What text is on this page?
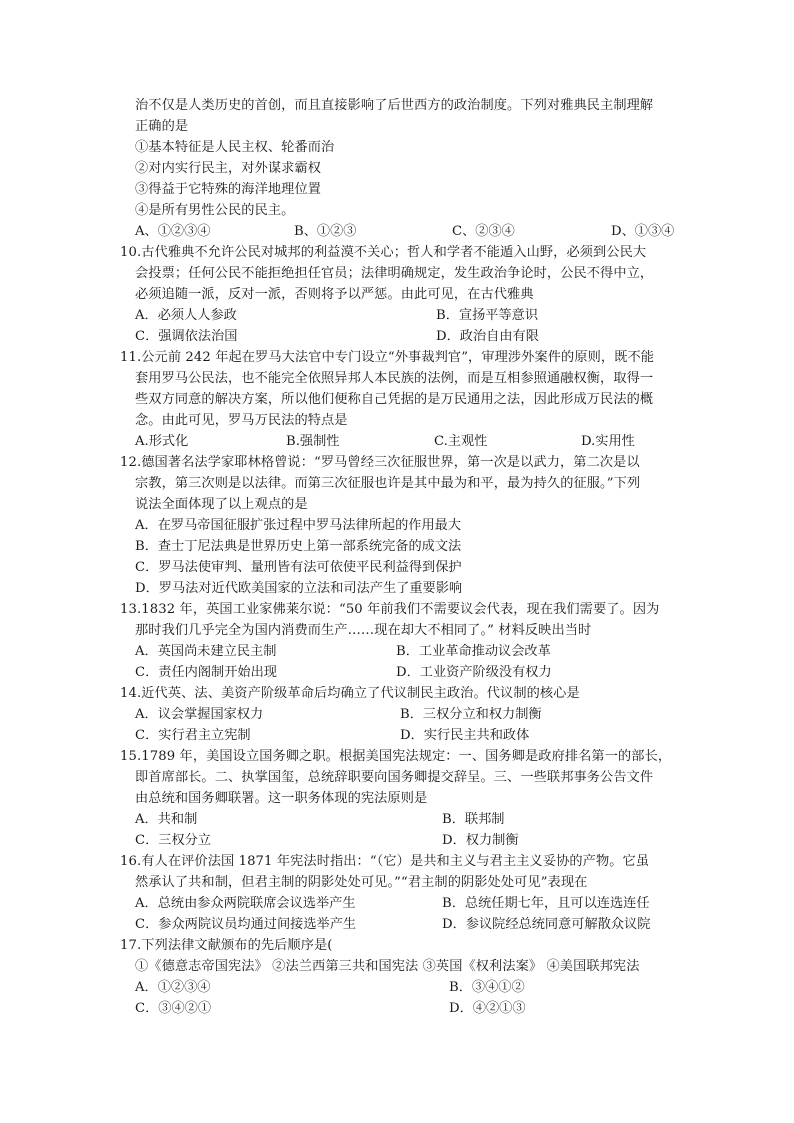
治不仅是人类历史的首创，而且直接影响了后世西方的政治制度。下列对雅典民主制理解
正确的是
①基本特征是人民主权、轮番而治
②对内实行民主，对外谋求霸权
③得益于它特殊的海洋地理位置
④是所有男性公民的民主。
A、①②③④	B、①②③	C、②③④	D、①③④
10.古代雅典不允许公民对城邦的利益漠不关心；哲人和学者不能遁入山野，必须到公民大
会投票；任何公民不能拒绝担任官员；法律明确规定，发生政治争论时，公民不得中立，
必须追随一派，反对一派，否则将予以严惩。由此可见，在古代雅典
A．必须人人参政	B．宣扬平等意识
C．强调依法治国	D．政治自由有限
11.公元前 242 年起在罗马大法官中专门设立“外事裁判官”，审理涉外案件的原则，既不能
套用罗马公民法，也不能完全依照异邦人本民族的法例，而是互相参照通融权衡，取得一
些双方同意的解决方案，所以他们便称自己凭据的是万民通用之法，因此形成万民法的概
念。由此可见，罗马万民法的特点是
A.形式化	B.强制性	C.主观性	D.实用性
12.德国著名法学家耶林格曾说：“罗马曾经三次征服世界，第一次是以武力，第二次是以
宗教，第三次则是以法律。而第三次征服也许是其中最为和平，最为持久的征服。”下列
说法全面体现了以上观点的是
A．在罗马帝国征服扩张过程中罗马法律所起的作用最大
B．查士丁尼法典是世界历史上第一部系统完备的成文法
C．罗马法使审判、量刑皆有法可依使平民利益得到保护
D．罗马法对近代欧美国家的立法和司法产生了重要影响
13.1832 年，英国工业家佛莱尔说：“50 年前我们不需要议会代表，现在我们需要了。因为
那时我们几乎完全为国内消费而生产……现在却大不相同了。” 材料反映出当时
A．英国尚未建立民主制	B．工业革命推动议会改革
C．责任内阁制开始出现	D．工业资产阶级没有权力
14.近代英、法、美资产阶级革命后均确立了代议制民主政治。代议制的核心是
A．议会掌握国家权力	B．三权分立和权力制衡
C．实行君主立宪制	D．实行民主共和政体
15.1789 年，美国设立国务卿之职。根据美国宪法规定：一、国务卿是政府排名第一的部长，
即首席部长。二、执掌国玺，总统辞职要向国务卿提交辞呈。三、一些联邦事务公告文件
由总统和国务卿联署。这一职务体现的宪法原则是
A．共和制	B．联邦制
C．三权分立	D．权力制衡
16.有人在评价法国 1871 年宪法时指出：“（它）是共和主义与君主主义妥协的产物。它虽
然承认了共和制，但君主制的阴影处处可见。”“君主制的阴影处处可见”表现在
A．总统由参众两院联席会议选举产生	B．总统任期七年，且可以连选连任
C．参众两院议员均通过间接选举产生	D．参议院经总统同意可解散众议院
17.下列法律文献颁布的先后顺序是(
①《德意志帝国宪法》 ②法兰西第三共和国宪法 ③英国《权利法案》 ④美国联邦宪法
A．①②③④	B．③④①②
C．③④②①	D．④②①③
